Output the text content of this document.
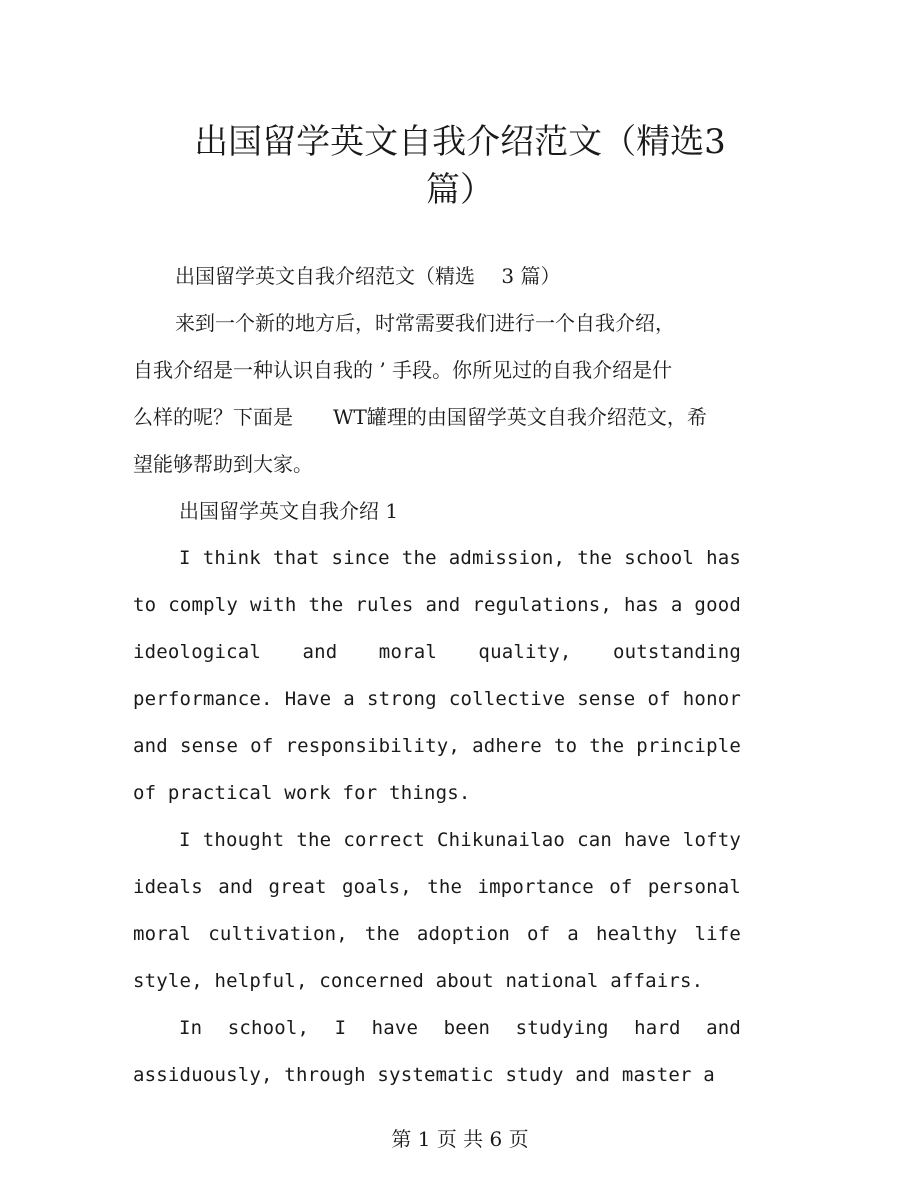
出国留学英文自我介绍范文（精选3
篇）

出国留学英文自我介绍范文（精选　 3 篇）

来到一个新的地方后，时常需要我们进行一个自我介绍，
自我介绍是一种认识自我的 ’ 手段。你所见过的自我介绍是什
么样的呢？下面是　　WT罐理的由国留学英文自我介绍范文，希
望能够帮助到大家。

出国留学英文自我介绍 1

I think that since the admission, the school has to comply with the rules and regulations, has a good ideological and moral quality, outstanding performance. Have a strong collective sense of honor and sense of responsibility, adhere to the principle of practical work for things.

I thought the correct Chikunailao can have lofty ideals and great goals, the importance of personal moral cultivation, the adoption of a healthy life style, helpful, concerned about national affairs.

In school, I have been studying hard and assiduously, through systematic study and master a

第 1 页 共 6 页
